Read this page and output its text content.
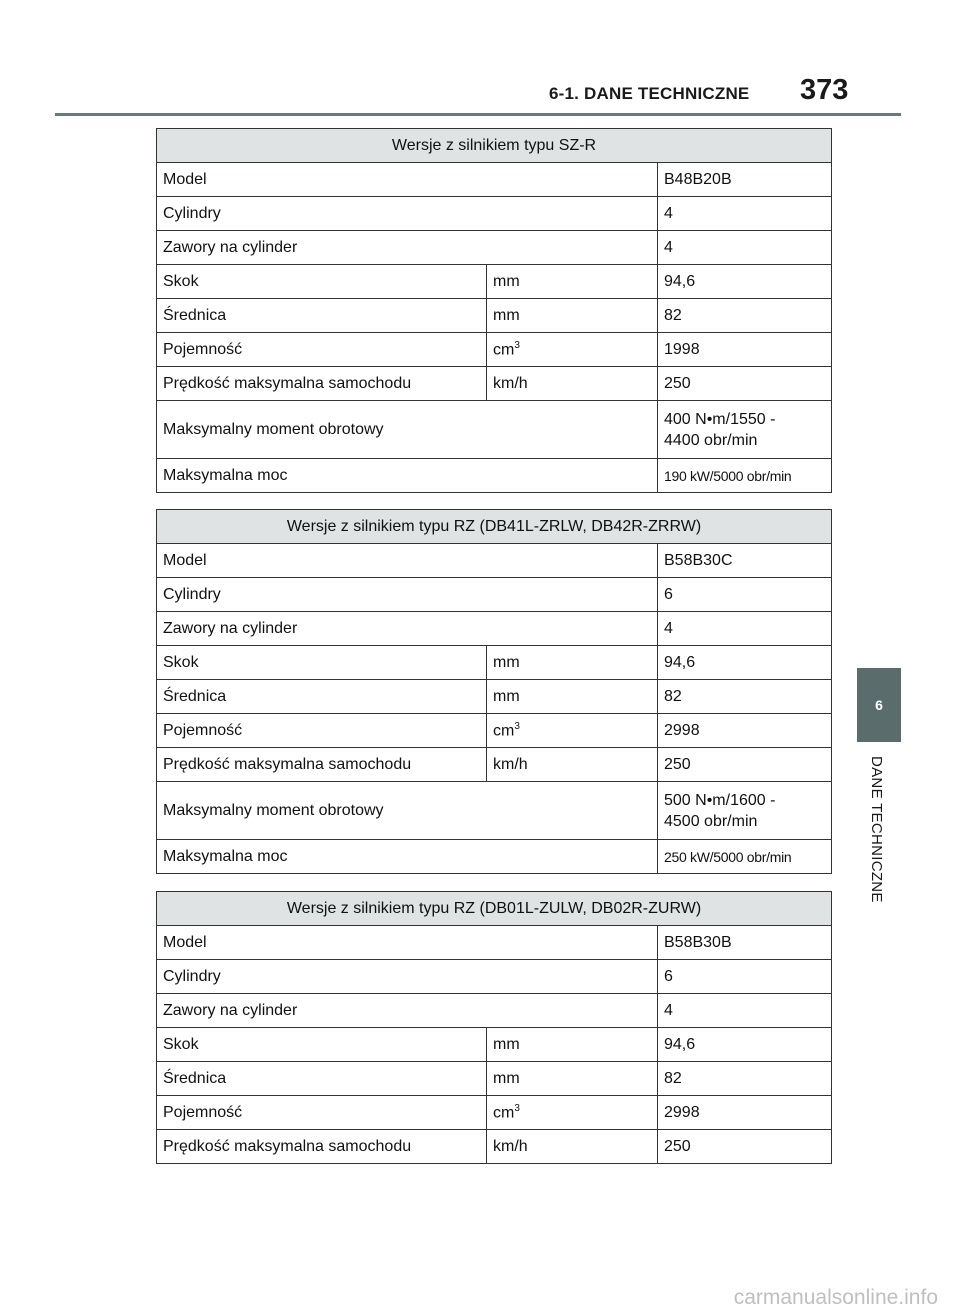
6-1. DANE TECHNICZNE 373
6
DANE TECHNICZNE
Wersje z silnikiem typu SZ-R		
Model		B48B20B
Cylindry		4
Zawory na cylinder		4
Skok	mm	94,6
Średnica	mm	82
Pojemność	$cm^3$	1998
Prędkość maksymalna samochodu	km/h	250
Maksymalny moment obrotowy		400 N•m/1550 -
4400 obr/min
Maksymalna moc		190 kW/5000 obr/min
Wersje z silnikiem typu RZ (DB41L-ZRLW, DB42R-ZRRW)		
Model		B58B30C
Cylindry		6
Zawory na cylinder		4
Skok	mm	94,6
Średnica	mm	82
Pojemność	$cm^3$	2998
Prędkość maksymalna samochodu	km/h	250
Maksymalny moment obrotowy		500 N•m/1600 -
4500 obr/min
Maksymalna moc		250 kW/5000 obr/min
Wersje z silnikiem typu RZ (DB01L-ZULW, DB02R-ZURW)		
Model		B58B30B
Cylindry		6
Zawory na cylinder		4
Skok	mm	94,6
Średnica	mm	82
Pojemność	$cm^3$	2998
Prędkość maksymalna samochodu	km/h	250
carmanualsonline.info
